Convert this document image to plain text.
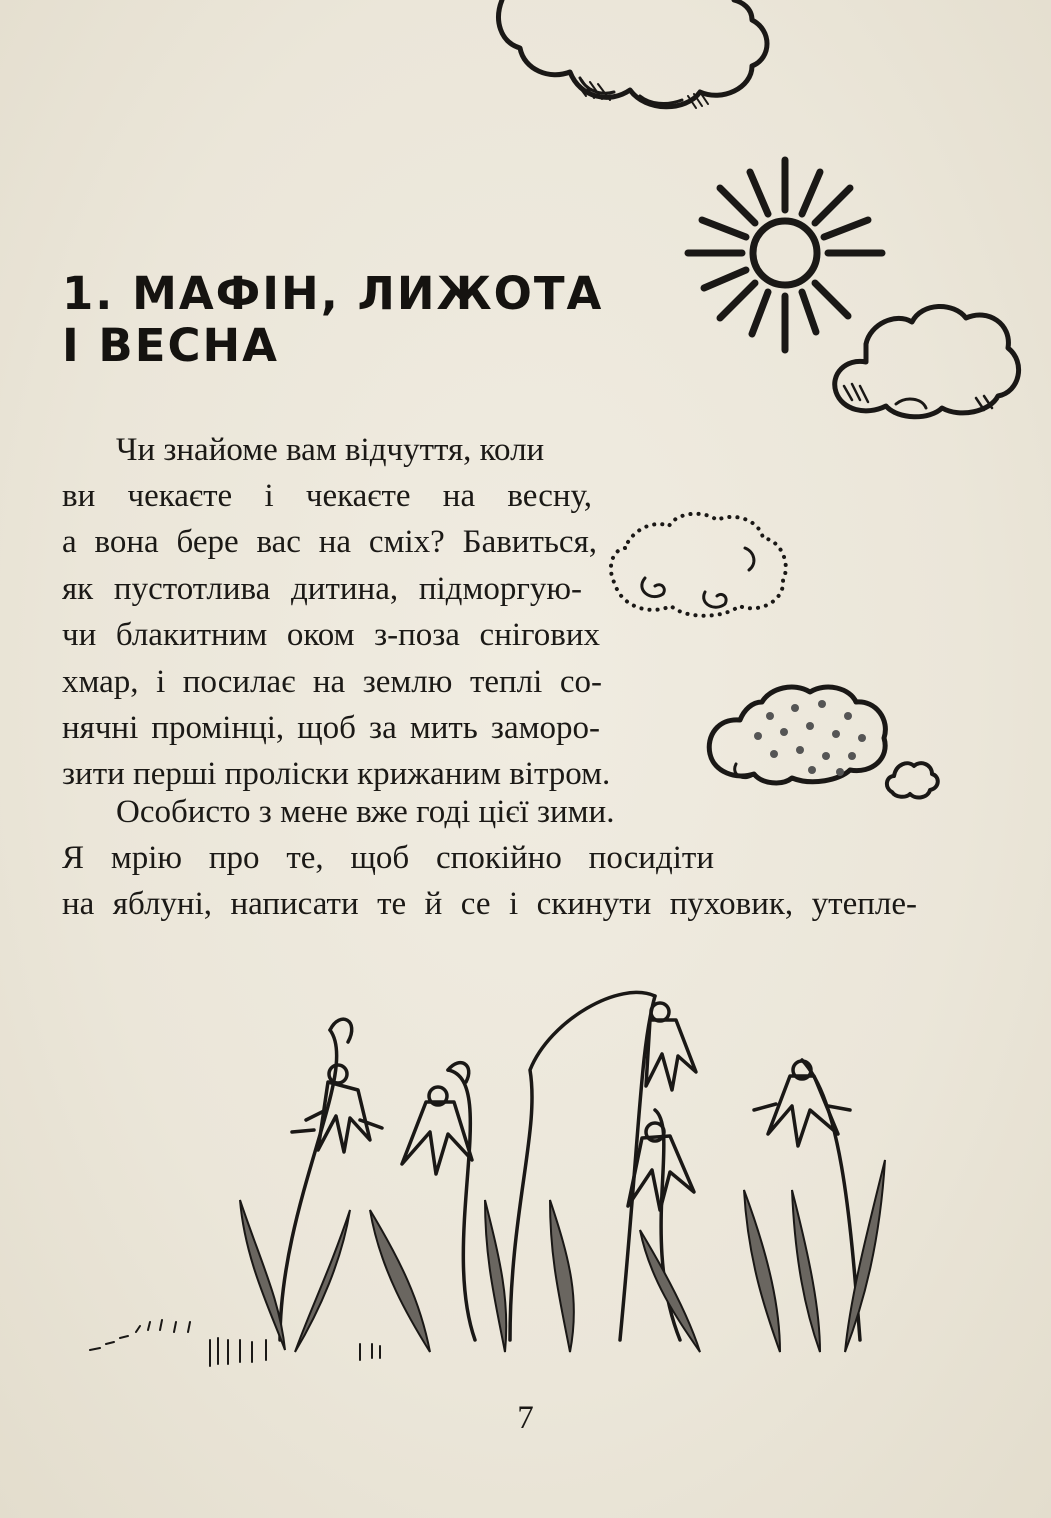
1. МАФІН, ЛИЖОТА
І ВЕСНА
Чи знайоме вам відчуття, коли
ви чекаєте і чекаєте на весну,
а вона бере вас на сміх? Бавиться,
як пустотлива дитина, підморгую-
чи блакитним оком з-поза снігових
хмар, і посилає на землю теплі со-
нячні промінці, щоб за мить заморо-
зити перші проліски крижаним вітром.
Особисто з мене вже годі цієї зими.
Я мрію про те, щоб спокійно посидіти
на яблуні, написати те й се і скинути пуховик, утепле-
7
